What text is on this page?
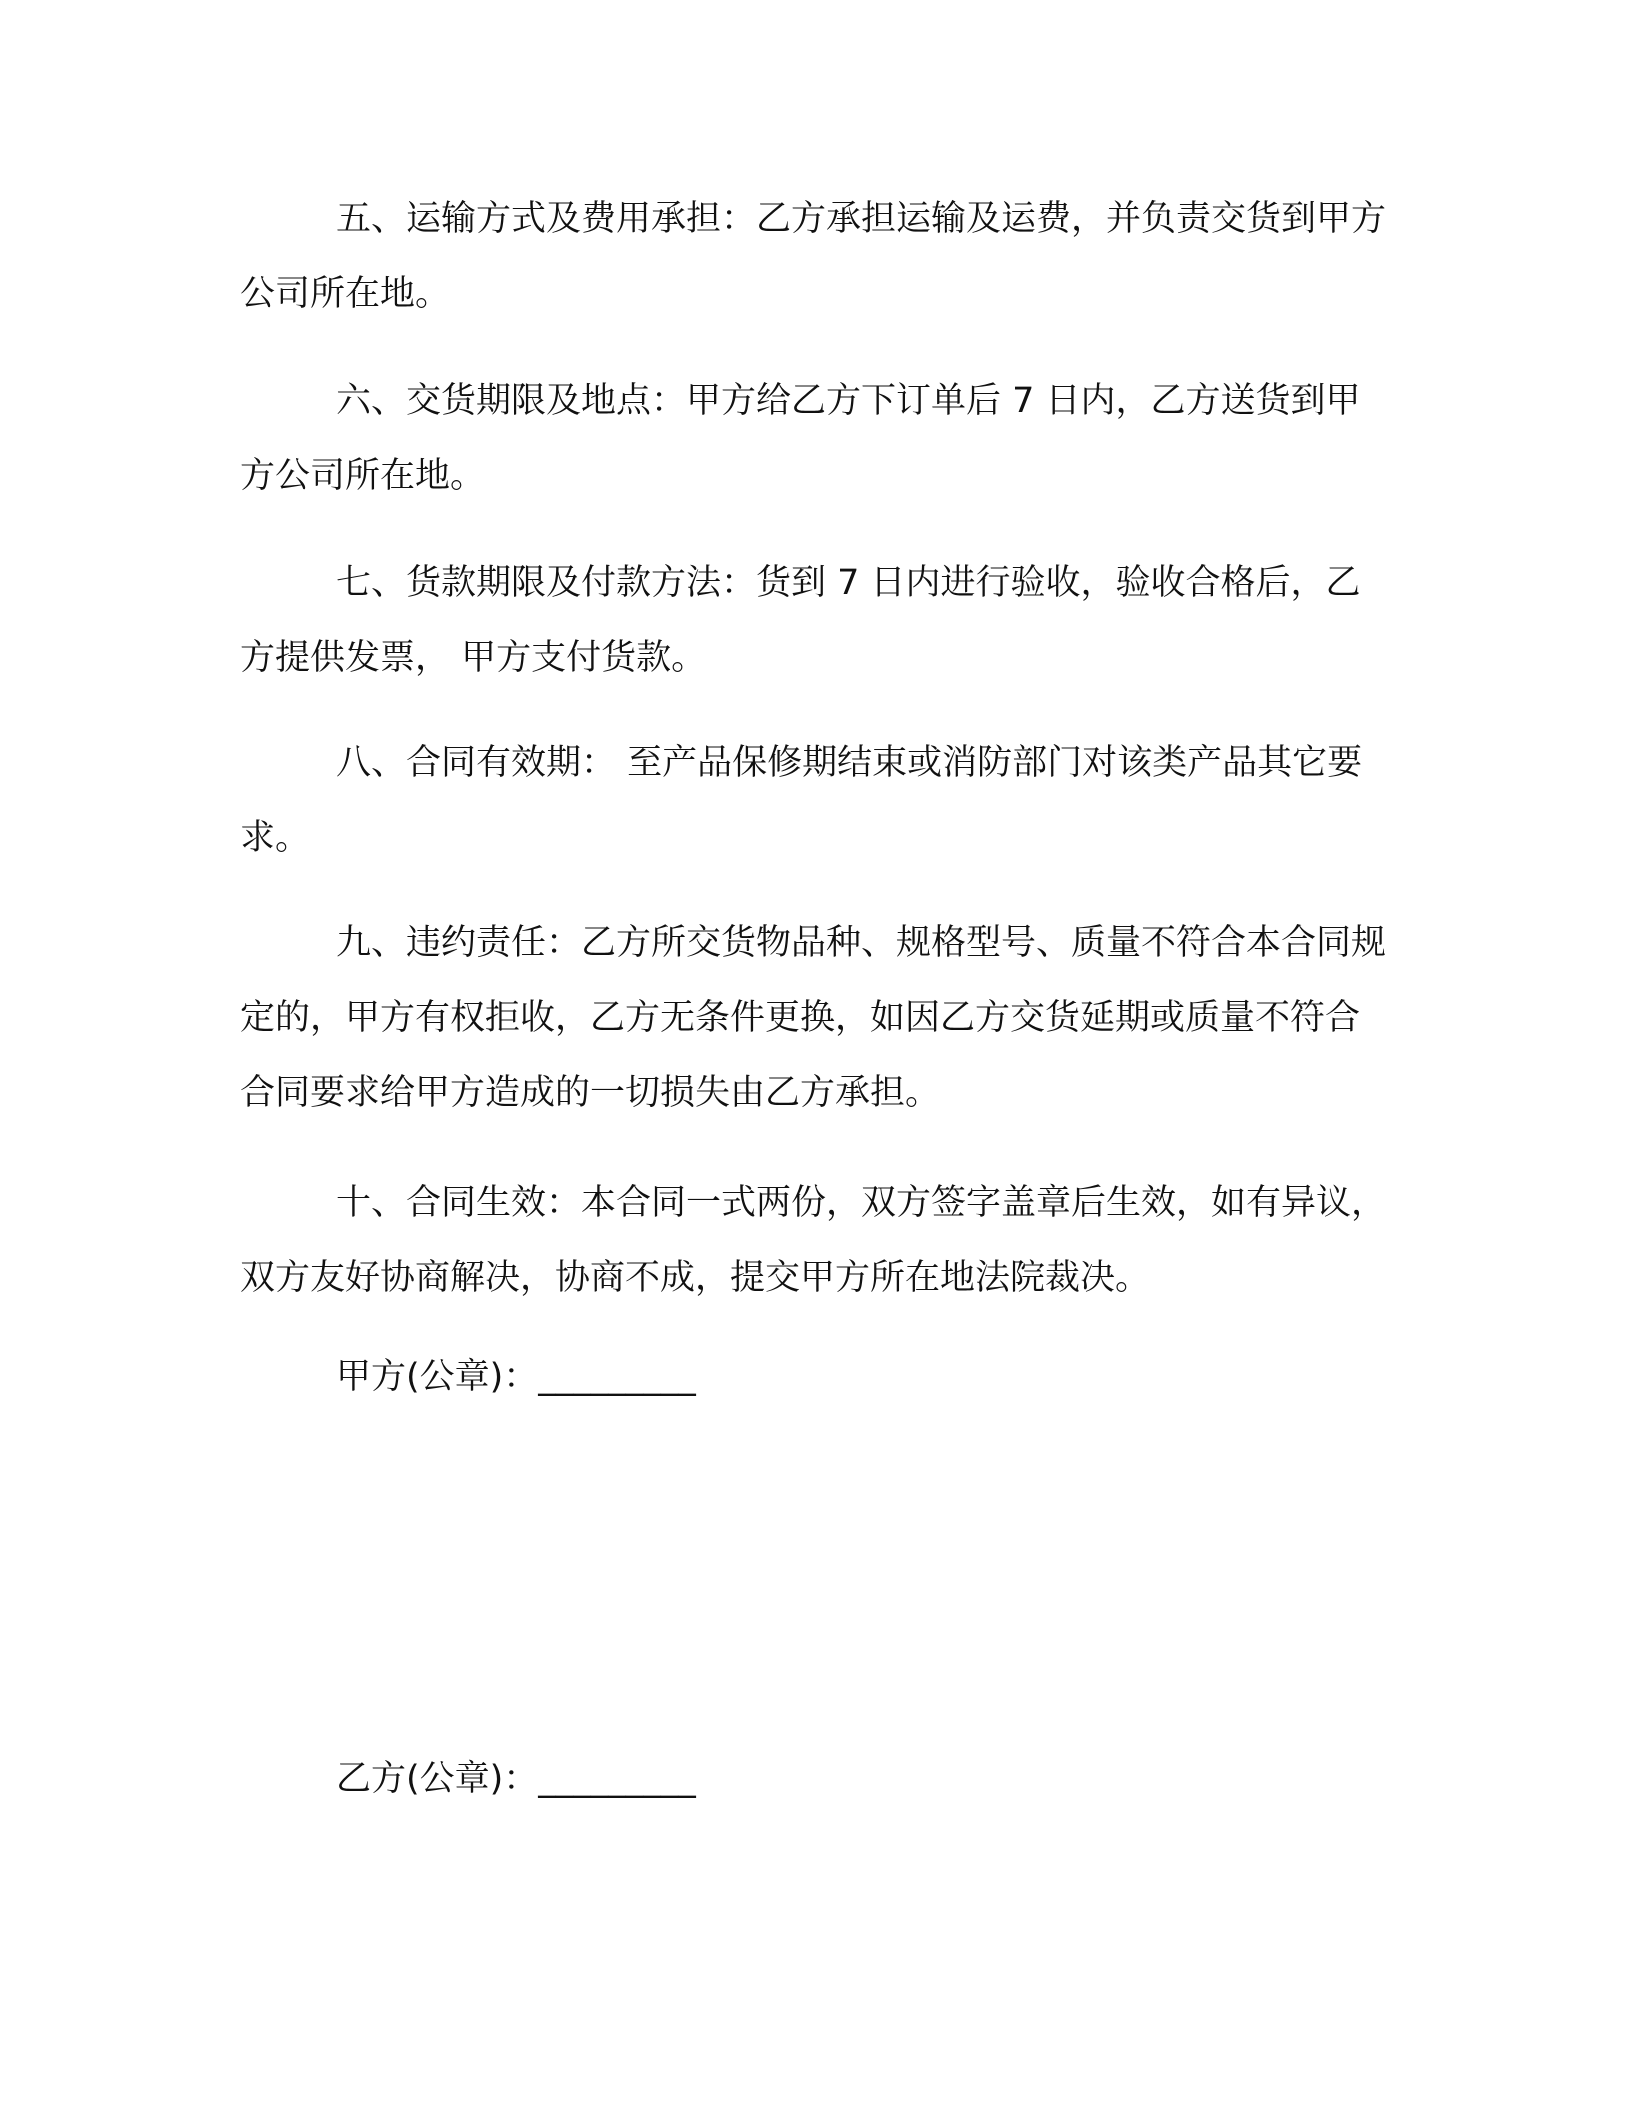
五、运输方式及费用承担：乙方承担运输及运费，并负责交货到甲方公司所在地。

六、交货期限及地点：甲方给乙方下订单后 7 日内，乙方送货到甲方公司所在地。

七、货款期限及付款方法：货到 7 日内进行验收，验收合格后，乙方提供发票， 甲方支付货款。

八、合同有效期： 至产品保修期结束或消防部门对该类产品其它要求。

九、违约责任：乙方所交货物品种、规格型号、质量不符合本合同规定的，甲方有权拒收，乙方无条件更换，如因乙方交货延期或质量不符合合同要求给甲方造成的一切损失由乙方承担。

十、合同生效：本合同一式两份，双方签字盖章后生效，如有异议，双方友好协商解决，协商不成，提交甲方所在地法院裁决。

甲方(公章)：_________
乙方(公章)：_________
